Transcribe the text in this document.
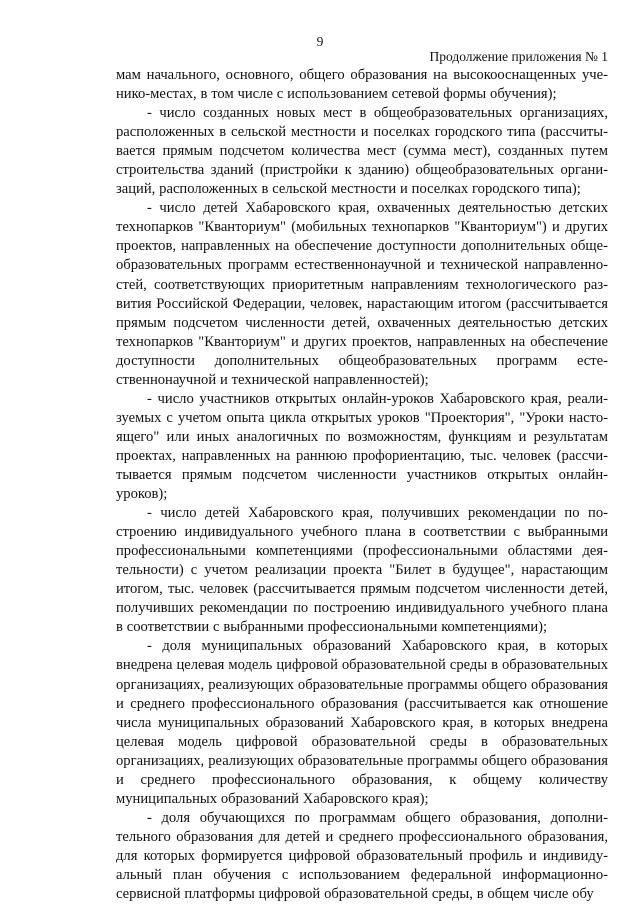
9
Продолжение приложения № 1

мам начального, основного, общего образования на высокооснащенных ученико-местах, в том числе с использованием сетевой формы обучения);

- число созданных новых мест в общеобразовательных организациях, расположенных в сельской местности и поселках городского типа (рассчитывается прямым подсчетом количества мест (сумма мест), созданных путем строительства зданий (пристройки к зданию) общеобразовательных организаций, расположенных в сельской местности и поселках городского типа);

- число детей Хабаровского края, охваченных деятельностью детских технопарков "Кванториум" (мобильных технопарков "Кванториум") и других проектов, направленных на обеспечение доступности дополнительных общеобразовательных программ естественнонаучной и технической направленностей, соответствующих приоритетным направлениям технологического развития Российской Федерации, человек, нарастающим итогом (рассчитывается прямым подсчетом численности детей, охваченных деятельностью детских технопарков "Кванториум" и других проектов, направленных на обеспечение доступности дополнительных общеобразовательных программ естественнонаучной и технической направленностей);

- число участников открытых онлайн-уроков Хабаровского края, реализуемых с учетом опыта цикла открытых уроков "Проектория", "Уроки настоящего" или иных аналогичных по возможностям, функциям и результатам проектах, направленных на раннюю профориентацию, тыс. человек (рассчитывается прямым подсчетом численности участников открытых онлайн-уроков);

- число детей Хабаровского края, получивших рекомендации по построению индивидуального учебного плана в соответствии с выбранными профессиональными компетенциями (профессиональными областями деятельности) с учетом реализации проекта "Билет в будущее", нарастающим итогом, тыс. человек (рассчитывается прямым подсчетом численности детей, получивших рекомендации по построению индивидуального учебного плана в соответствии с выбранными профессиональными компетенциями);

- доля муниципальных образований Хабаровского края, в которых внедрена целевая модель цифровой образовательной среды в образовательных организациях, реализующих образовательные программы общего образования и среднего профессионального образования (рассчитывается как отношение числа муниципальных образований Хабаровского края, в которых внедрена целевая модель цифровой образовательной среды в образовательных организациях, реализующих образовательные программы общего образования и среднего профессионального образования, к общему количеству муниципальных образований Хабаровского края);

- доля обучающихся по программам общего образования, дополнительного образования для детей и среднего профессионального образования, для которых формируется цифровой образовательный профиль и индивидуальный план обучения с использованием федеральной информационно-сервисной платформы цифровой образовательной среды, в общем числе обу
